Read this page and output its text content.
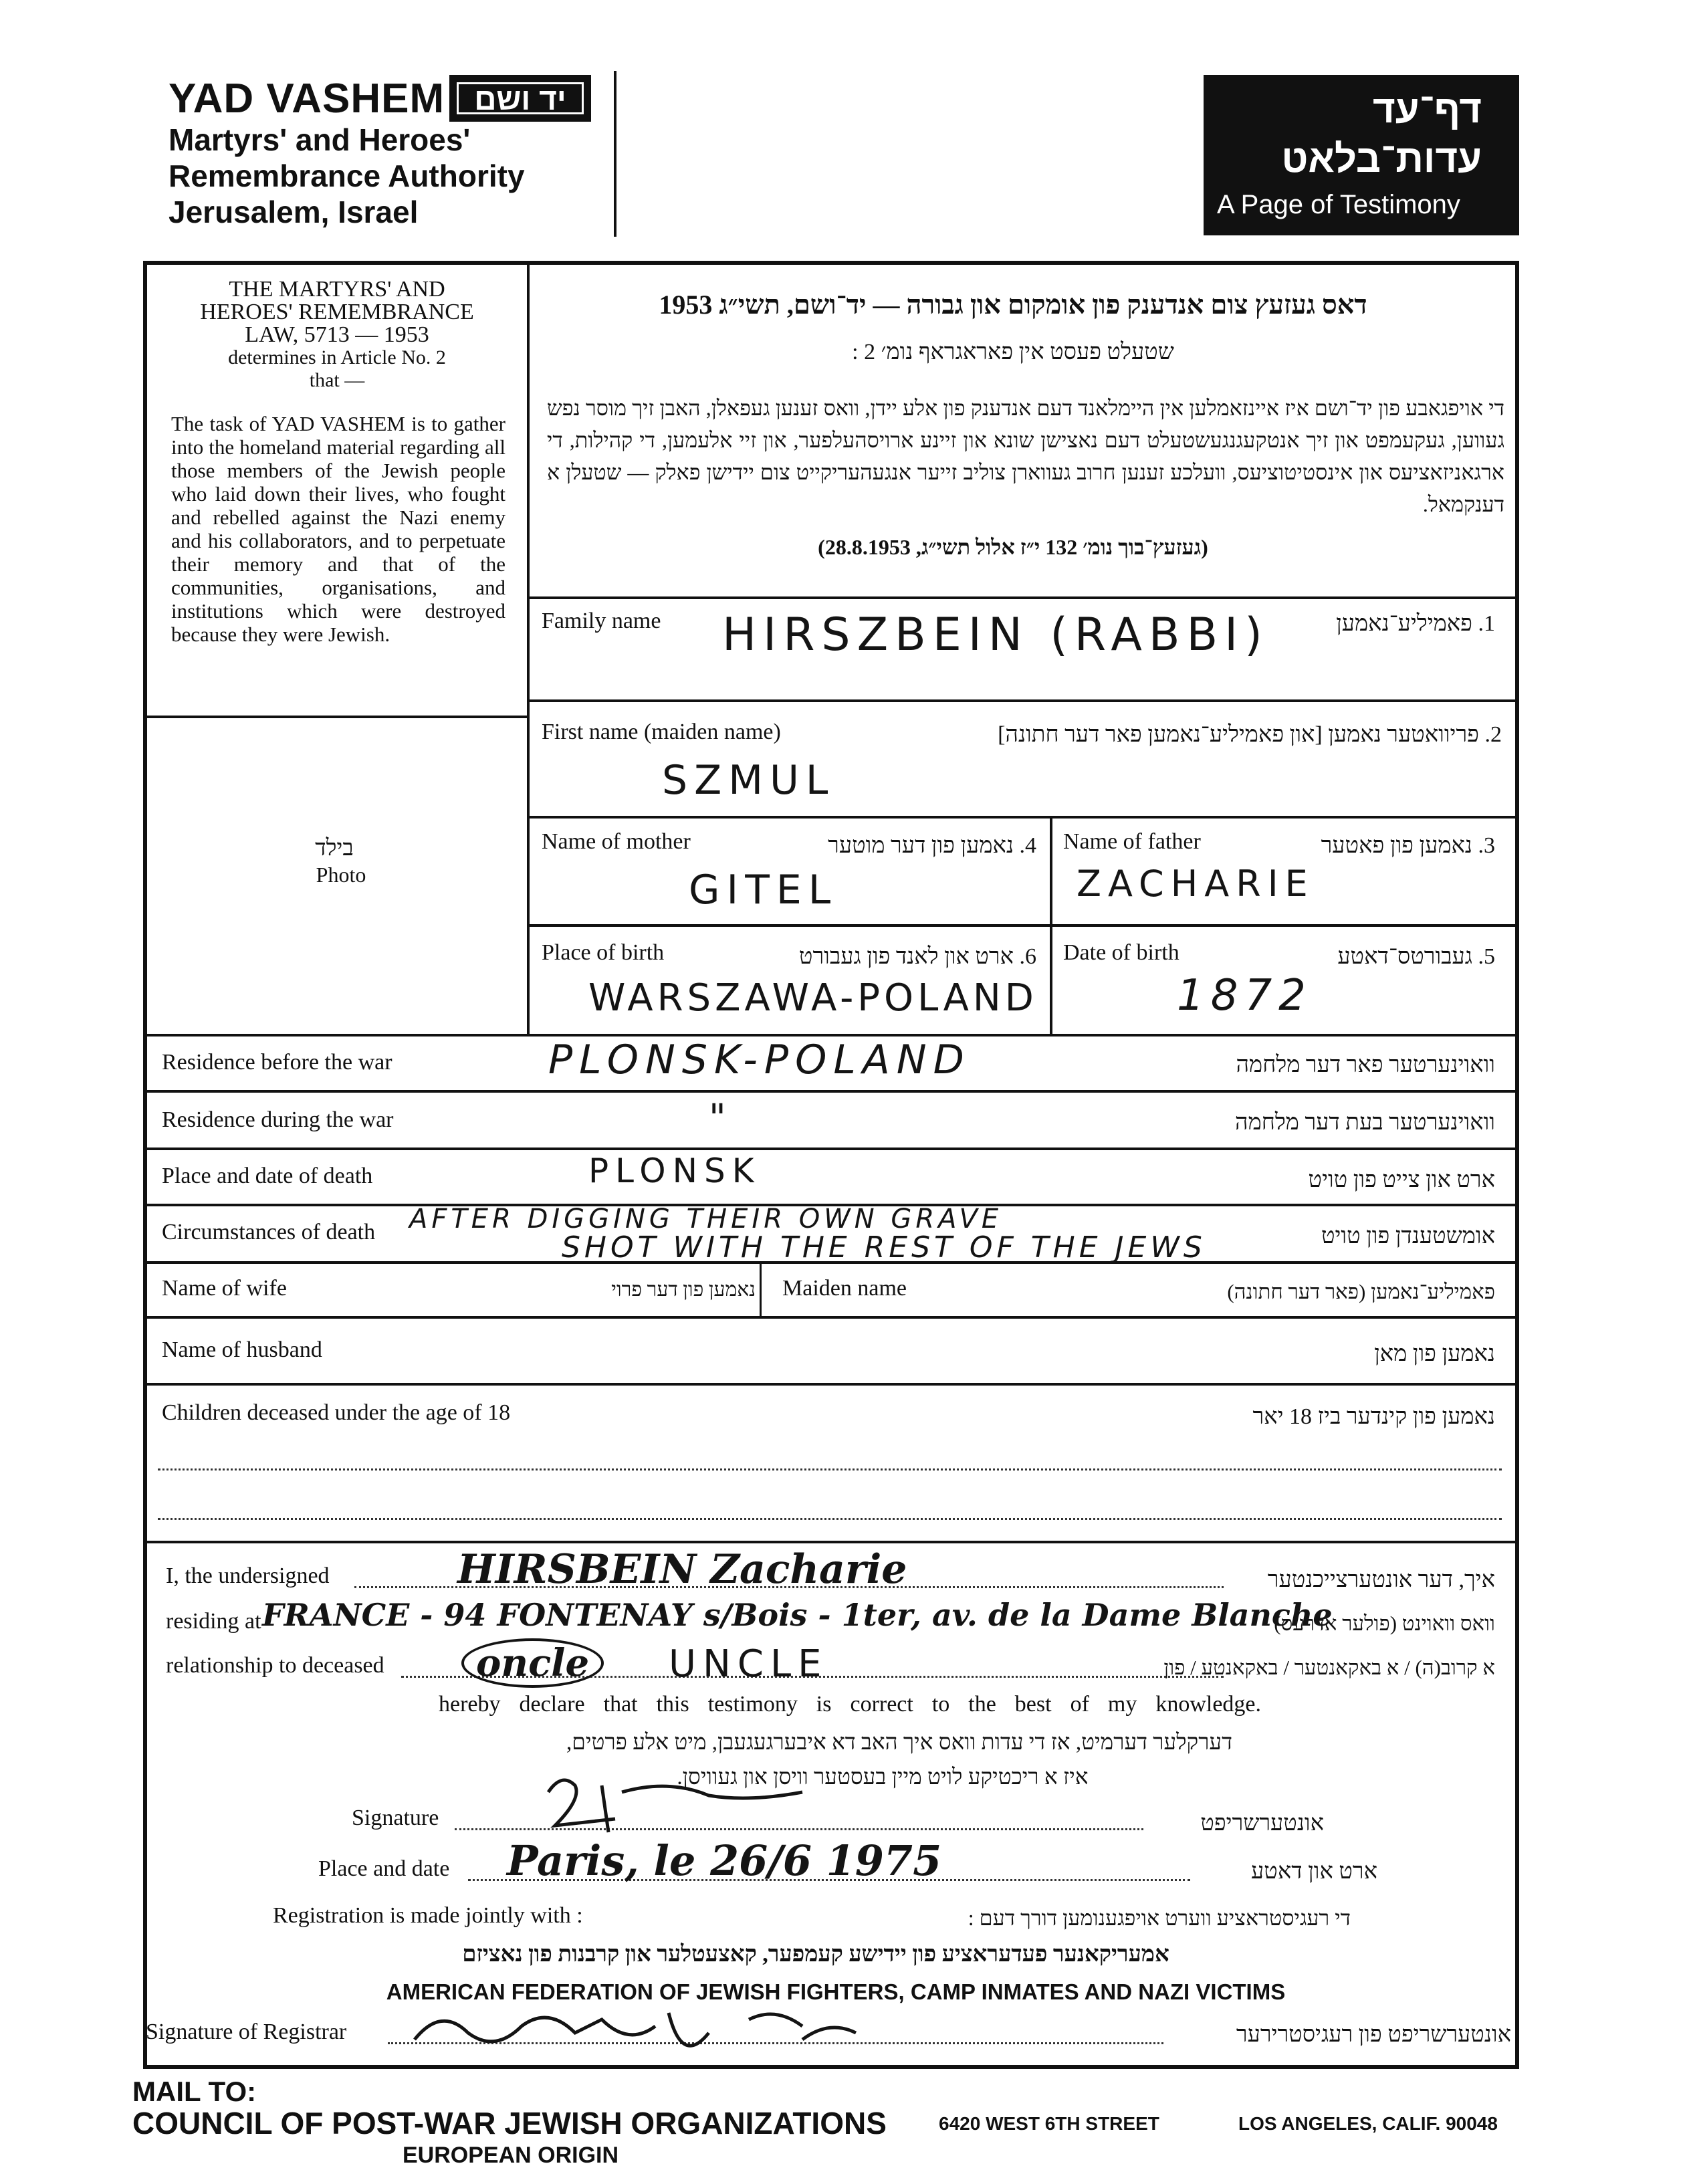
YAD VASHEM יד ושם
Martyrs' and Heroes'
Remembrance Authority
Jerusalem, Israel
דף־עד
עדות־בלאט
A Page of Testimony
THE MARTYRS' AND
HEROES' REMEMBRANCE
LAW, 5713 — 1953
determines in Article No. 2
that —
The task of YAD VASHEM is to gather into the homeland material regarding all those members of the Jewish people who laid down their lives, who fought and rebelled against the Nazi enemy and his collaborators, and to perpetuate their memory and that of the communities, organisations, and institutions which were destroyed because they were Jewish.
דאס געזעץ צום אנדענק פון אומקום און גבורה — יד־ושם, תשי״ג 1953
שטעלט פעסט אין פאראגראף נומ׳ 2 :
די אויפגאבע פון יד־ושם איז איינזאמלען אין היימלאנד דעם אנדענק פון אלע יידן, וואס זענען געפאלן, האבן זיך מוסר נפש געווען, געקעמפט און זיך אנטקעגנגעשטעלט דעם נאצישן שונא און זיינע ארויסהעלפער, און זיי אלעמען, די קהילות, די ארגאניזאציעס און אינסטיטוציעס, וועלכע זענען חרוב געווארן צוליב זייער אנגעהעריקייט צום יידישן פאלק — שטעלן א דענקמאל.
(געזעץ־בוך נומ׳ 132 י״ז אלול תשי״ג, 28.8.1953)
בילד
Photo
Family name	1. פאמיליע־נאמען
HIRSZBEIN (RABBI)
First name (maiden name)	2. פריוואטער נאמען [און פאמיליע־נאמען פאר דער חתונה]
SZMUL
Name of mother	4. נאמען פון דער מוטער
GITEL
Name of father	3. נאמען פון פאטער
ZACHARIE
Place of birth	6. ארט און לאנד פון געבורט
WARSZAWA-POLAND
Date of birth	5. געבורטס־דאטע
1872
Residence before the war	וואוינערטער פאר דער מלחמה
PLONSK-POLAND
Residence during the war	וואוינערטער בעת דער מלחמה
"
Place and date of death	ארט און צייט פון טויט
PLONSK
Circumstances of death	אומשטענדן פון טויט
AFTER DIGGING THEIR OWN GRAVE
SHOT WITH THE REST OF THE JEWS
Name of wife	נאמען פון דער פרוי Maiden name	פאמיליע־נאמען (פאר דער חתונה)
Name of husband	נאמען פון מאן
Children deceased under the age of 18	נאמען פון קינדער ביז 18 יאר
I, the undersigned	איך, דער אונטערצייכנטער
HIRSBEIN Zacharie
residing at	וואס וואוינט (פולער אדרעס)
FRANCE - 94 FONTENAY s/Bois - 1ter, av. de la Dame Blanche
relationship to deceased	א קרוב(ה) / א באקאנטער / באקאנטע / פון
oncle	UNCLE
hereby declare that this testimony is correct to the best of my knowledge.
דערקלער דערמיט, אז די עדות וואס איך האב דא איבערגעגעבן, מיט אלע פרטים,
איז א ריכטיקע לויט מיין בעסטער וויסן און געוויסן.
Signature	אונטערשריפט
Place and date	ארט און דאטע
Paris, le 26/6 1975
Registration is made jointly with :	די רעגיסטראציע ווערט אויפגענומען דורך דעם :
אמעריקאנער פעדעראציע פון יידישע קעמפער, קאצעטלער און קרבנות פון נאציזם
AMERICAN FEDERATION OF JEWISH FIGHTERS, CAMP INMATES AND NAZI VICTIMS
Signature of Registrar	אונטערשריפט פון רעגיסטרירער
MAIL TO:
COUNCIL OF POST-WAR JEWISH ORGANIZATIONS
EUROPEAN ORIGIN
6420 WEST 6TH STREET	LOS ANGELES, CALIF. 90048
